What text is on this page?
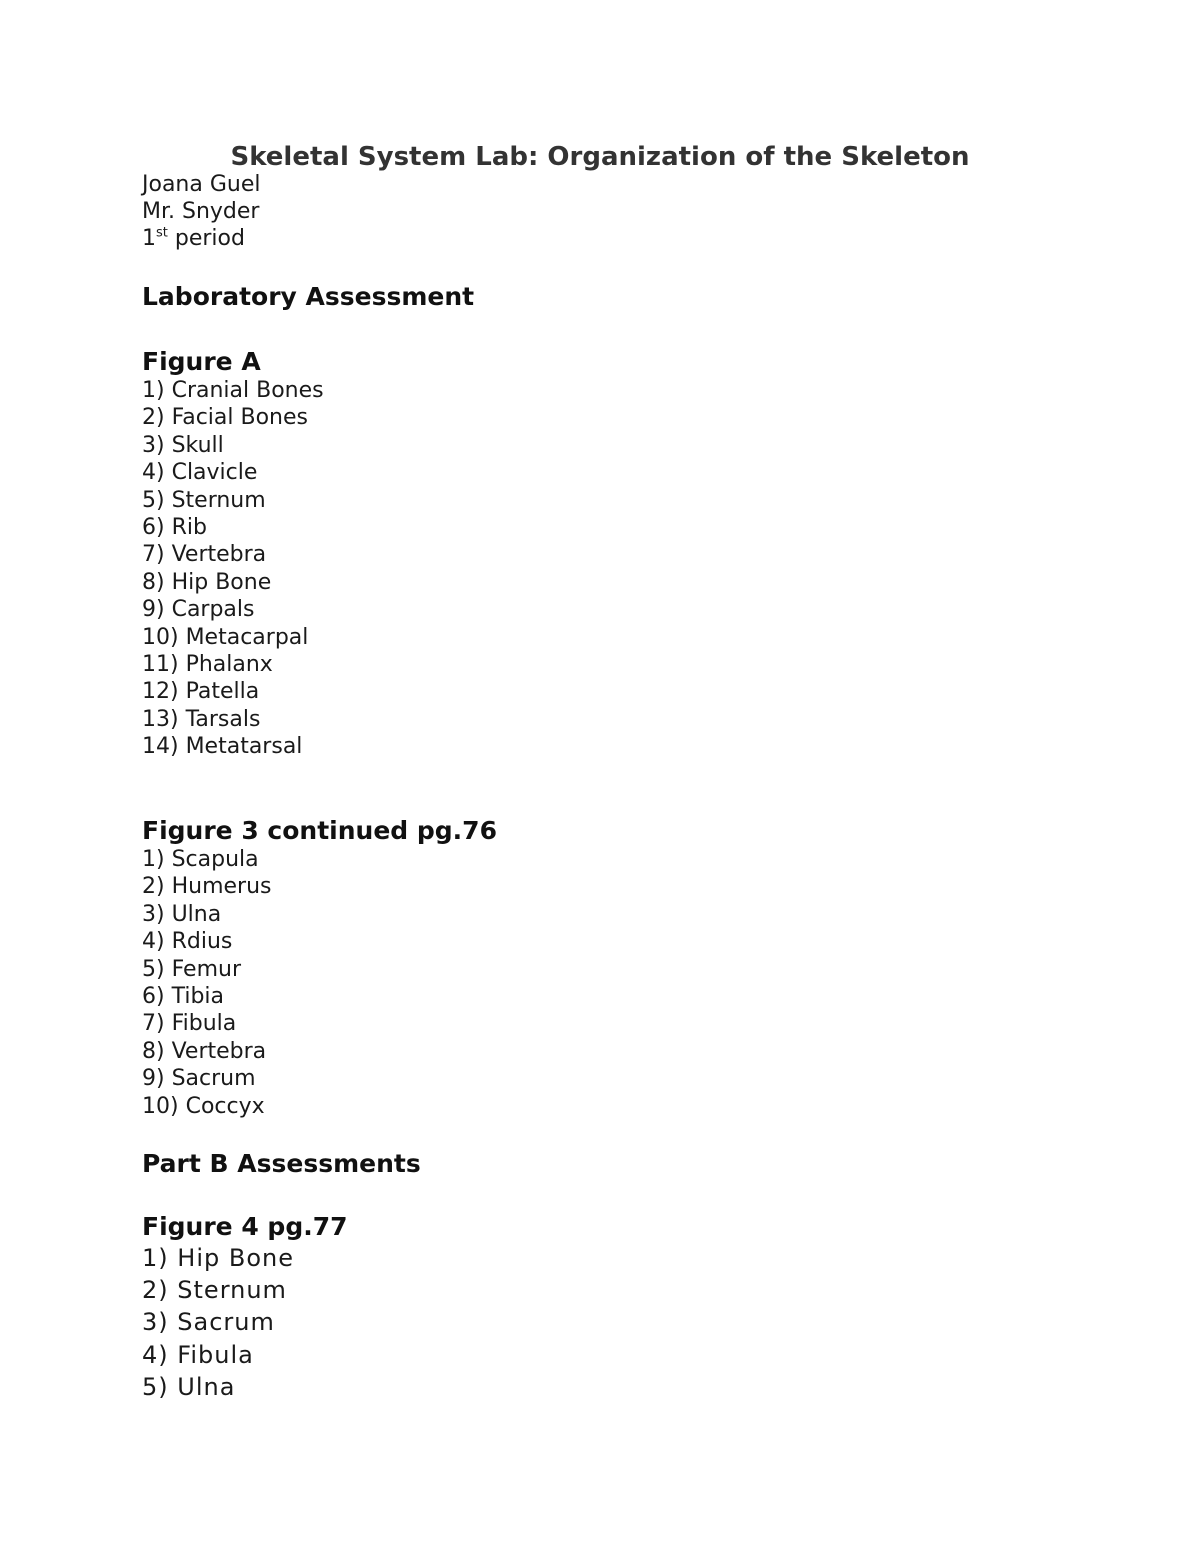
Skeletal System Lab: Organization of the Skeleton

Joana Guel

Mr. Snyder

1st period

Laboratory Assessment
Figure A
1 ) Cranial Bones
2 ) Facial Bones
3 ) Skull
4 ) Clavicle
5 ) Sternum
6 ) Rib
7 ) Vertebra
8 ) Hip Bone
9 ) Carpals
10 ) Metacarpal
11 ) Phalanx
12 ) Patella
13 ) Tarsals
14 ) Metatarsal
Figure 3 continued pg.76
1 ) Scapula
2 ) Humerus
3 ) Ulna
4 ) Rdius
5 ) Femur
6 ) Tibia
7 ) Fibula
8 ) Vertebra
9 ) Sacrum
10 ) Coccyx
Part B Assessments
Figure 4 pg.77
1 ) Hip Bone
2 ) Sternum
3 ) Sacrum
4 ) Fibula
5 ) Ulna
